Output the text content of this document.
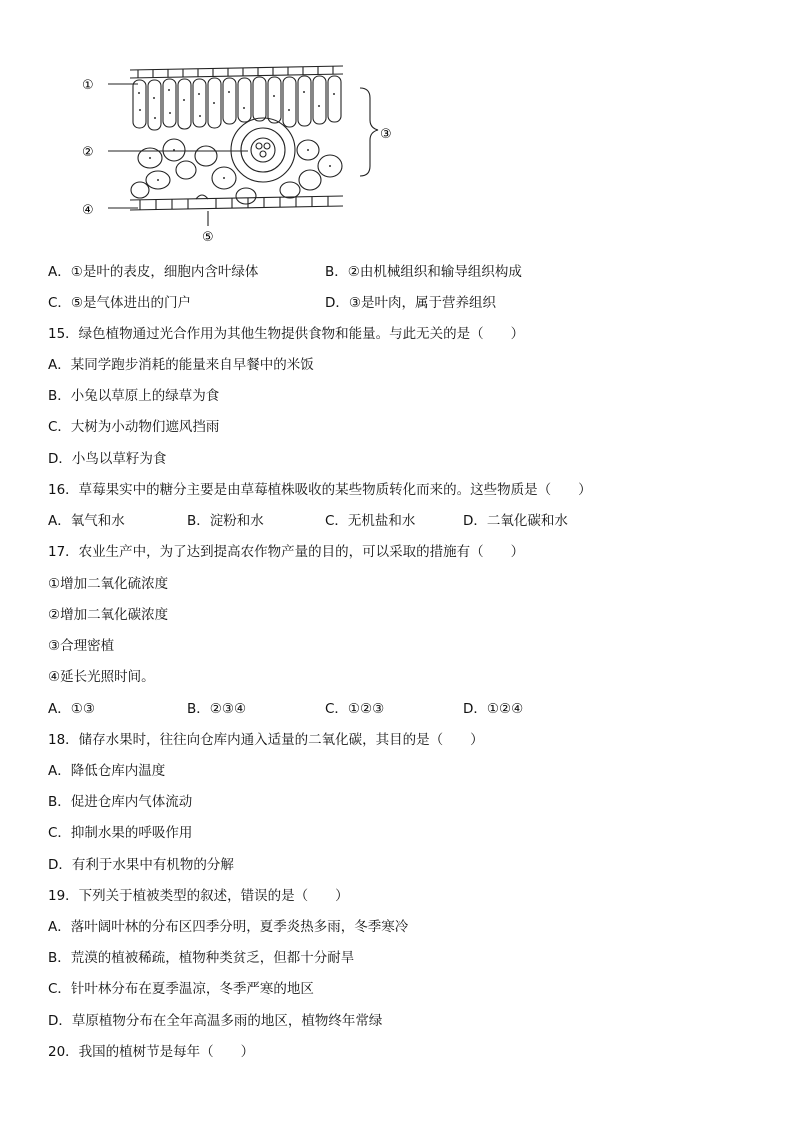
①
②
③
④
⑤
A．①是叶的表皮，细胞内含叶绿体	B．②由机械组织和输导组织构成
C．⑤是气体进出的门户	D．③是叶肉，属于营养组织
15．绿色植物通过光合作用为其他生物提供食物和能量。与此无关的是（　　）
A．某同学跑步消耗的能量来自早餐中的米饭
B．小兔以草原上的绿草为食
C．大树为小动物们遮风挡雨
D．小鸟以草籽为食
16．草莓果实中的糖分主要是由草莓植株吸收的某些物质转化而来的。这些物质是（　　）
A．氧气和水	B．淀粉和水	C．无机盐和水	D．二氧化碳和水
17．农业生产中，为了达到提高农作物产量的目的，可以采取的措施有（　　）
①增加二氧化硫浓度
②增加二氧化碳浓度
③合理密植
④延长光照时间。
A．①③	B．②③④	C．①②③	D．①②④
18．储存水果时，往往向仓库内通入适量的二氧化碳，其目的是（　　）
A．降低仓库内温度
B．促进仓库内气体流动
C．抑制水果的呼吸作用
D．有利于水果中有机物的分解
19．下列关于植被类型的叙述，错误的是（　　）
A．落叶阔叶林的分布区四季分明，夏季炎热多雨，冬季寒冷
B．荒漠的植被稀疏，植物种类贫乏，但都十分耐旱
C．针叶林分布在夏季温凉，冬季严寒的地区
D．草原植物分布在全年高温多雨的地区，植物终年常绿
20．我国的植树节是每年（　　）
